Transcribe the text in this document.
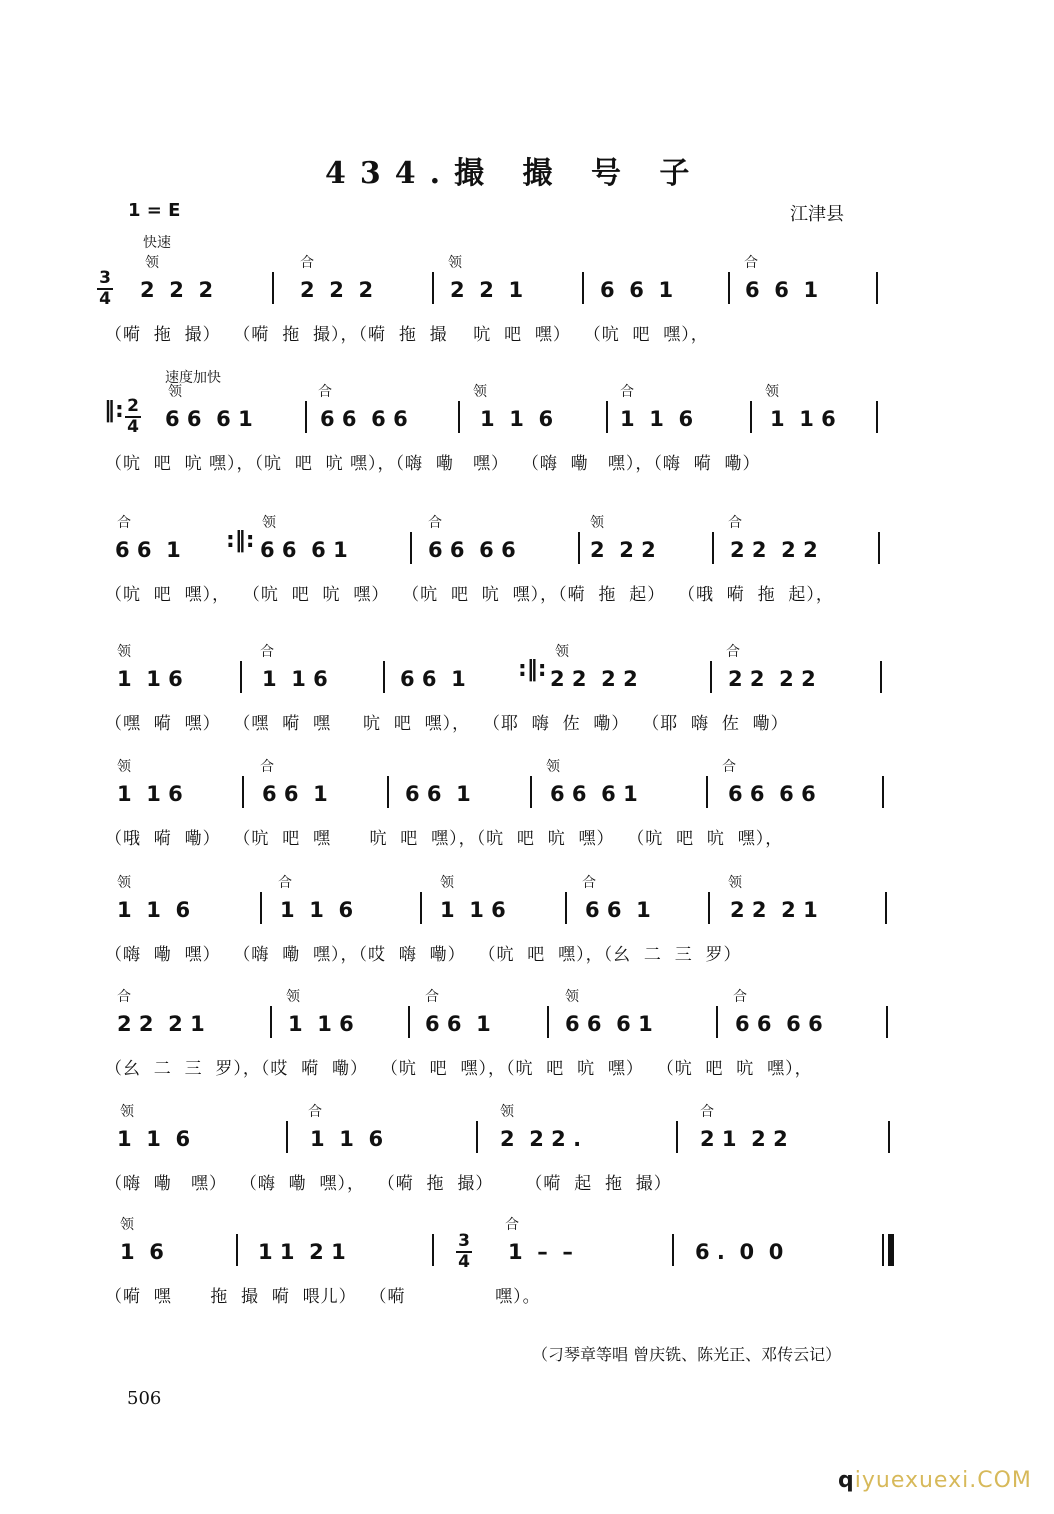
434.撮 撮 号 子
1 = E	江津县
领	合	领	合
2  2  2	2  2  2	2  2  1	6  6  1	6  6  1
（嗬  拖  撮）  （嗬  拖  撮），（嗬  拖  撮    吭  吧  嘿）  （吭  吧  嘿），
领	合	领	合	领
6 6  6 1	6 6  6 6	1  1  6	1  1  6	1  1 6
（吭  吧  吭 嘿），（吭  吧  吭 嘿），（嗨  嘞   嘿）  （嗨  嘞   嘿），（嗨  嗬  嘞）
合	领	合	领	合
6 6  1	6 6  6 1	6 6  6 6	2  2 2	2 2  2 2
（吭  吧  嘿），  （吭  吧  吭  嘿）  （吭  吧  吭  嘿），（嗬  拖  起）  （哦  嗬  拖  起），
领	合	领	合
1  1 6	1  1 6	6 6  1	2 2  2 2	2 2  2 2
（嘿  嗬  嘿）  （嘿  嗬  嘿     吭  吧  嘿），  （耶  嗨  佐  嘞）  （耶  嗨  佐  嘞）
领	合	领	合
1  1 6	6 6  1	6 6  1	6 6  6 1	6 6  6 6
（哦  嗬  嘞）  （吭  吧  嘿      吭  吧  嘿），（吭  吧  吭  嘿）  （吭  吧  吭  嘿），
领	合	领	合	领
1  1  6	1  1  6	1  1 6	6 6  1	2 2  2 1
（嗨  嘞  嘿）  （嗨  嘞  嘿），（哎  嗨  嘞）  （吭  吧  嘿），（幺  二  三  罗）
合	领	合	领	合
2 2  2 1	1  1 6	6 6  1	6 6  6 1	6 6  6 6
（幺  二  三  罗），（哎  嗬  嘞）  （吭  吧  嘿），（吭  吧  吭  嘿）  （吭  吧  吭  嘿），
领	合	领	合
1  1  6	1  1  6	2  2 2 .	2 1  2 2
（嗨  嘞   嘿）  （嗨  嘞  嘿），  （嗬  拖  撮）     （嗬  起  拖  撮）
领	合
1  6	1 1  2 1	1  –  –	6 .  0  0
（嗬  嘿      拖  撮  嗬  喂儿）  （嗬              嘿）。
快速
速度加快
3
4
2
4
3
4
‖:
:‖:
:‖:
（刁琴章等唱 曾庆铣、陈光正、邓传云记）
506
qiyuexuexi.COM
